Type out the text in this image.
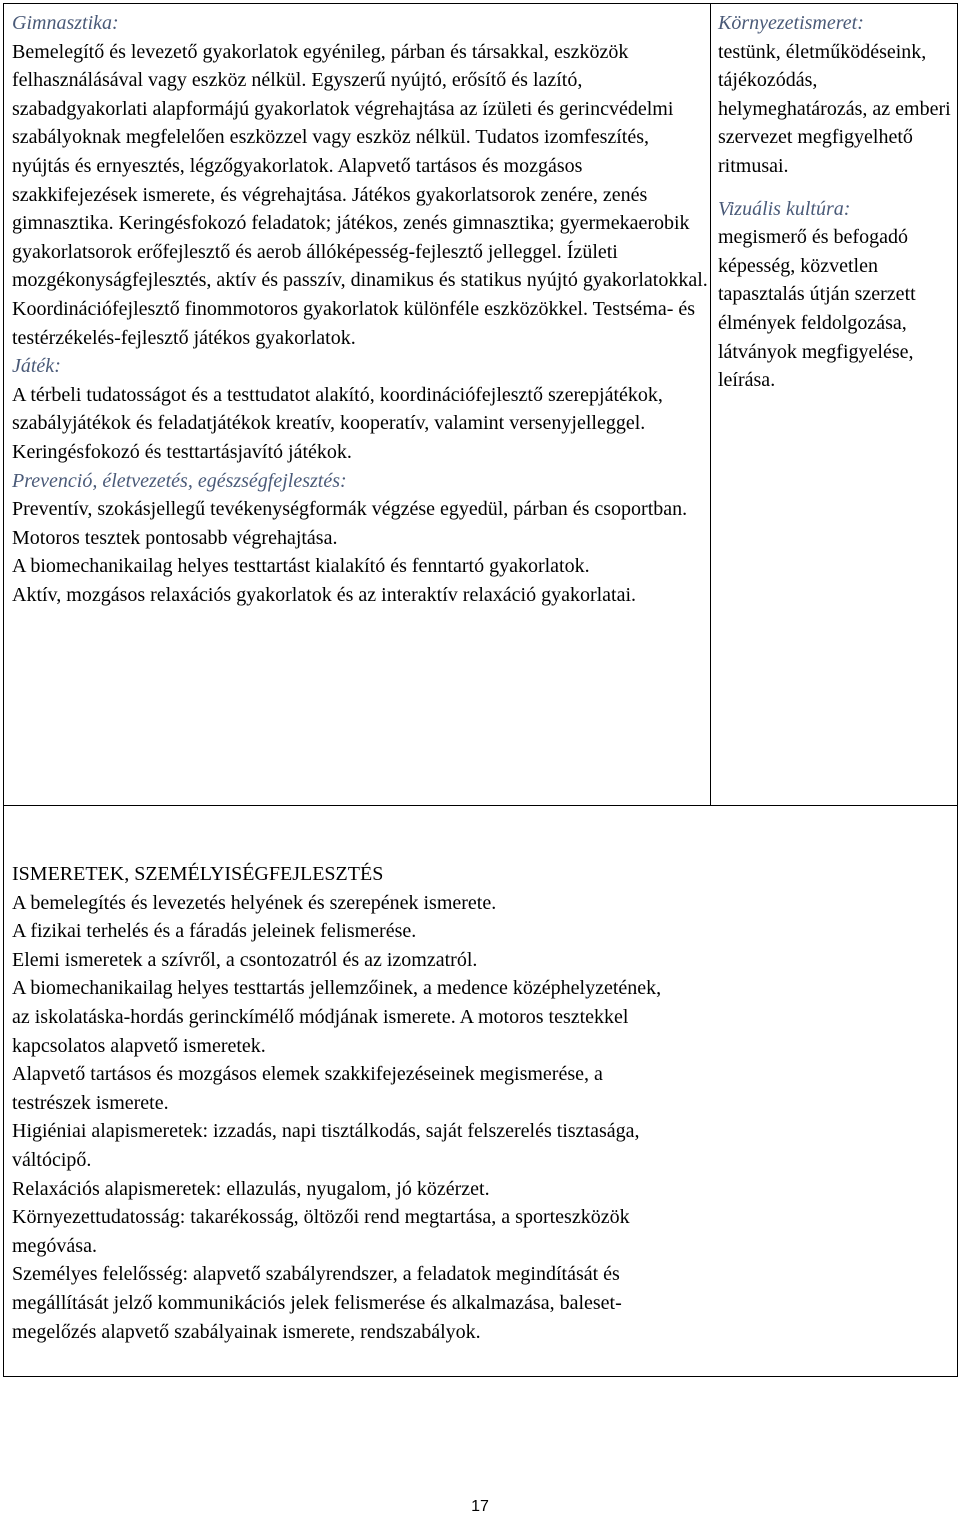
Gimnasztika:

Bemelegítő és levezető gyakorlatok egyénileg, párban és társakkal, eszközök felhasználásával vagy eszköz nélkül. Egyszerű nyújtó, erősítő és lazító, szabadgyakorlati alapformájú gyakorlatok végrehajtása az ízületi és gerincvédelmi szabályoknak megfelelően eszközzel vagy eszköz nélkül. Tudatos izomfeszítés, nyújtás és ernyesztés, légzőgyakorlatok. Alapvető tartásos és mozgásos szakkifejezések ismerete, és végrehajtása. Játékos gyakorlatsorok zenére, zenés gimnasztika. Keringésfokozó feladatok; játékos, zenés gimnasztika; gyermekaerobik gyakorlatsorok erőfejlesztő és aerob állóképesség-fejlesztő jelleggel. Ízületi mozgékonyságfejlesztés, aktív és passzív, dinamikus és statikus nyújtó gyakorlatokkal. Koordinációfejlesztő finommotoros gyakorlatok különféle eszközökkel. Testséma- és testérzékelés-fejlesztő játékos gyakorlatok.

Játék:

A térbeli tudatosságot és a testtudatot alakító, koordinációfejlesztő szerepjátékok, szabályjátékok és feladatjátékok kreatív, kooperatív, valamint versenyjelleggel. Keringésfokozó és testtartásjavító játékok.

Prevenció, életvezetés, egészségfejlesztés:

Preventív, szokásjellegű tevékenységformák végzése egyedül, párban és csoportban.

Motoros tesztek pontosabb végrehajtása.

A biomechanikailag helyes testtartást kialakító és fenntartó gyakorlatok.

Aktív, mozgásos relaxációs gyakorlatok és az interaktív relaxáció gyakorlatai.

Környezetismeret:

testünk, életműködéseink, tájékozódás, helymeghatározás, az emberi szervezet megfigyelhető ritmusai.

Vizuális kultúra:

megismerő és befogadó képesség, közvetlen tapasztalás útján szerzett élmények feldolgozása, látványok megfigyelése, leírása.

ISMERETEK, SZEMÉLYISÉGFEJLESZTÉS

A bemelegítés és levezetés helyének és szerepének ismerete.

A fizikai terhelés és a fáradás jeleinek felismerése.

Elemi ismeretek a szívről, a csontozatról és az izomzatról.

A biomechanikailag helyes testtartás jellemzőinek, a medence középhelyzetének, az iskolatáska-hordás gerinckímélő módjának ismerete. A motoros tesztekkel kapcsolatos alapvető ismeretek.

Alapvető tartásos és mozgásos elemek szakkifejezéseinek megismerése, a testrészek ismerete.

Higiéniai alapismeretek: izzadás, napi tisztálkodás, saját felszerelés tisztasága, váltócipő.

Relaxációs alapismeretek: ellazulás, nyugalom, jó közérzet.

Környezettudatosság: takarékosság, öltözői rend megtartása, a sporteszközök megóvása.

Személyes felelősség: alapvető szabályrendszer, a feladatok megindítását és megállítását jelző kommunikációs jelek felismerése és alkalmazása, baleset-megelőzés alapvető szabályainak ismerete, rendszabályok.

17
